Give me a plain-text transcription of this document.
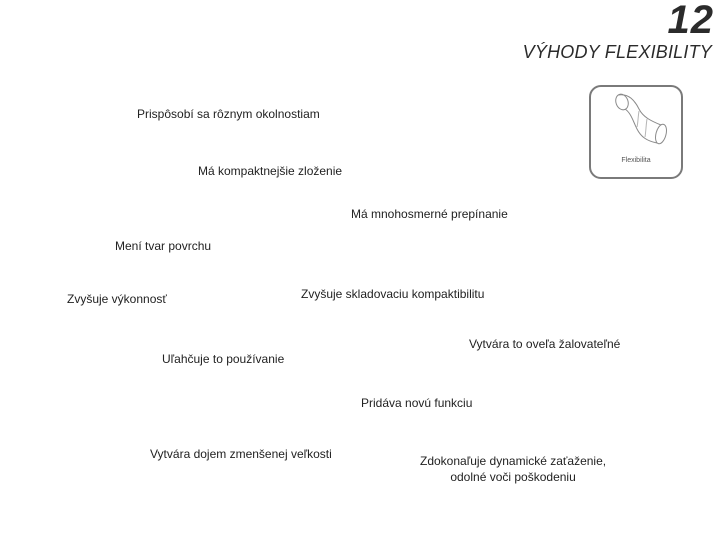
12
VÝHODY FLEXIBILITY
Flexibilita
Prispôsobí sa rôznym okolnostiam
Má kompaktnejšie zloženie
Má mnohosmerné prepínanie
Mení tvar povrchu
Zvyšuje výkonnosť	Zvyšuje skladovaciu kompaktibilitu
Vytvára to oveľa žalovateľné
Uľahčuje to používanie
Pridáva novú funkciu
Vytvára dojem zmenšenej veľkosti	Zdokonaľuje dynamické zaťaženie,
odolné voči poškodeniu
